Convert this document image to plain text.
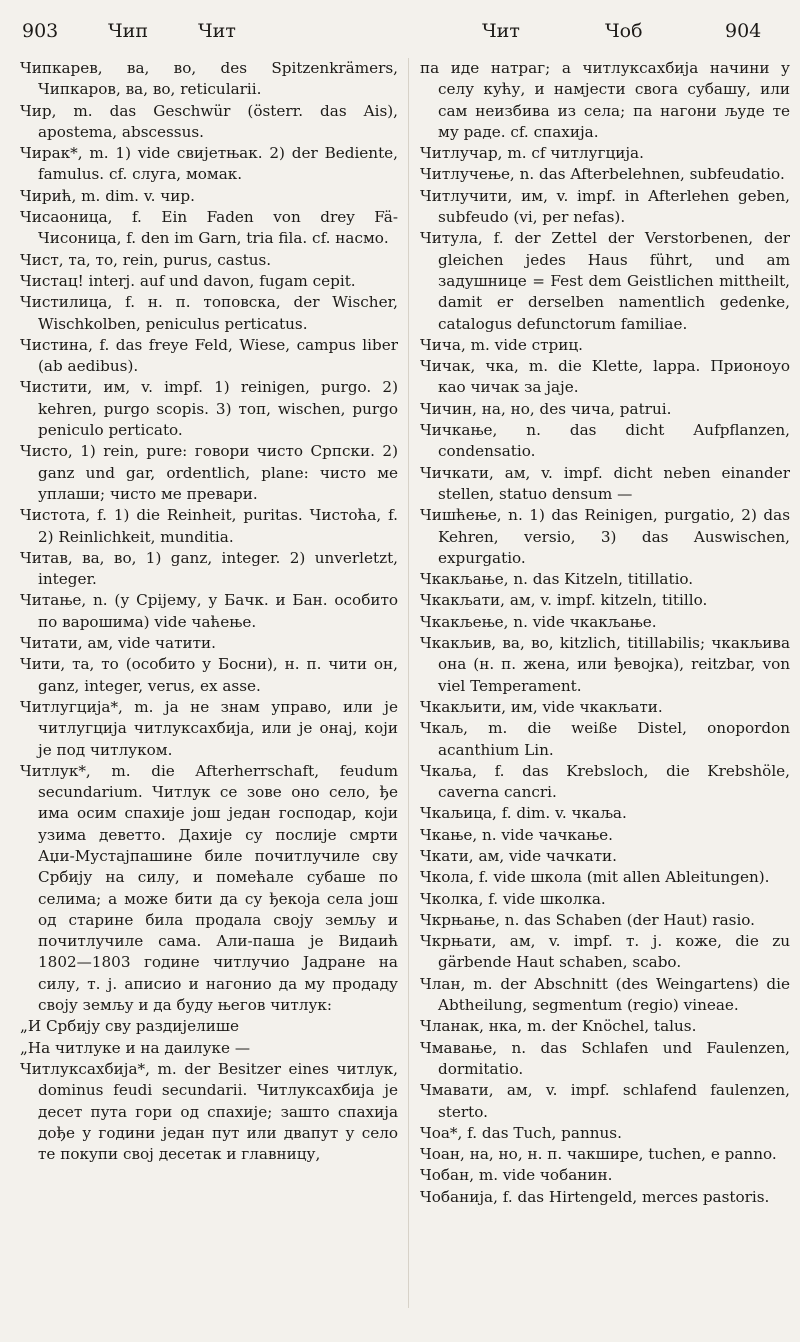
903	Чип	Чит	Чит	Чоб	904

Чипкарев, ва, во, des Spitzenkrämers, Чипкаров, ва, во, reticularii.

Чир, m. das Geschwür (österr. das Ais), apostema, abscessus.

Чирак*, m. 1) vide свијетњак. 2) der Bediente, famulus. cf. слуга, момак.

Чирић, m. dim. v. чир.

Чисаоница, f. Ein Faden von drey Fä- Чисоница, f. den im Garn, tria fila. cf. насмо.

Чист, та, то, rein, purus, castus.

Чистац! interj. auf und davon, fugam cepit.

Чистилица, f. н. п. топовска, der Wischer, Wischkolben, peniculus perticatus.

Чистина, f. das freye Feld, Wiese, campus liber (ab aedibus).

Чистити, им, v. impf. 1) reinigen, purgo. 2) kehren, purgo scopis. 3) топ, wischen, purgo peniculo perticato.

Чисто, 1) rein, pure: говори чисто Српски. 2) ganz und gar, ordentlich, plane: чисто ме уплаши; чисто ме превари.

Чистота, f. 1) die Reinheit, puritas. Чистоћа, f. 2) Reinlichkeit, munditia.

Читав, ва, во, 1) ganz, integer. 2) unverletzt, integer.

Читање, n. (у Срijему, у Бачк. и Бан. особито по варошима) vide чаћење.

Читати, ам, vide чатити.

Чити, та, то (особито у Босни), н. п. чити он, ganz, integer, verus, ex asse.

Читлугција*, m. ја не знам управо, или је читлугција читлуксахбија, или је онај, који је под читлуком.

Читлук*, m. die Afterherrschaft, feudum secundarium. Читлук се зове оно село, ђе има осим спахије још један господар, који узима деветто. Дахије су послије смрти Аџи-Мустајпашине биле почитлучиле сву Србију на силу, и помећале субаше по селима; а може бити да су ђекоја села још од старине била продала своју земљу и почитлучилe сама. Али-паша је Видаић 1802—1803 године читлучио Јадране на силу, т. ј. аписио и нагонио да му продаду своју земљу и да буду његов читлук:

„И Србију сву раздијелише

„На читлуке и на даилуке —

Читлуксахбија*, m. der Besitzer eines читлук, dominus feudi secundarii. Читлуксахбија је десет пута гори од спахије; зашто спахија дође у години један пут или двапут у село те покупи свој десетак и главницу,

па иде натраг; а читлуксахбија начини у селу кућу, и намјести свога субашу, или сам неизбива из села; па нагони људе те му раде. cf. спахија.

Читлучар, m. cf читлугција.

Читлучење, n. das Afterbelehnen, subfeudatio.

Читлучити, им, v. impf. in Afterlehen geben, subfeudo (vi, per nefas).

Читула, f. der Zettel der Verstorbenen, der gleichen jedes Haus führt, und am задушнице = Fest dem Geistlichen mittheilt, damit er derselben namentlich gedenke, catalogus defunctorum familiae.

Чича, m. vide стриц.

Чичак, чка, m. die Klette, lappa. Прионоуо као чичак за јаје.

Чичин, на, но, des чича, patrui.

Чичкање, n. das dicht Aufpflanzen, condensatio.

Чичкати, ам, v. impf. dicht neben einander stellen, statuo densum —

Чишћење, n. 1) das Reinigen, purgatio, 2) das Kehren, versio, 3) das Auswischen, expurgatio.

Чкакљање, n. das Kitzeln, titillatio.

Чкакљати, ам, v. impf. kitzeln, titillo.

Чкакљење, n. vide чкакљање.

Чкакљив, ва, во, kitzlich, titillabilis; чкакљива она (н. п. жена, или ђевојка), reitzbar, von viel Temperament.

Чкакљити, им, vide чкакљати.

Чкаљ, m. die weiße Distel, onopordon acanthium Lin.

Чкаља, f. das Krebsloch, die Krebshöle, caverna cancri.

Чкаљица, f. dim. v. чкаља.

Чкање, n. vide чачкање.

Чкати, ам, vide чачкати.

Чкола, f. vide школа (mit allen Ableitungen).

Чколка, f. vide школка.

Чкрњање, n. das Schaben (der Haut) rasio.

Чкрњати, ам, v. impf. т. ј. коже, die zu gärbende Haut schaben, scabo.

Члан, m. der Abschnitt (des Weingartens) die Abtheilung, segmentum (regio) vineae.

Чланак, нка, m. der Knöchel, talus.

Чмавање, n. das Schlafen und Faulenzen, dormitatio.

Чмавати, ам, v. impf. schlafend faulenzen, sterto.

Чоа*, f. das Tuch, pannus.

Чоан, на, но, н. п. чакшире, tuchen, e panno.

Чобан, m. vide чобанин.

Чобанија, f. das Hirtengeld, merces pastoris.
